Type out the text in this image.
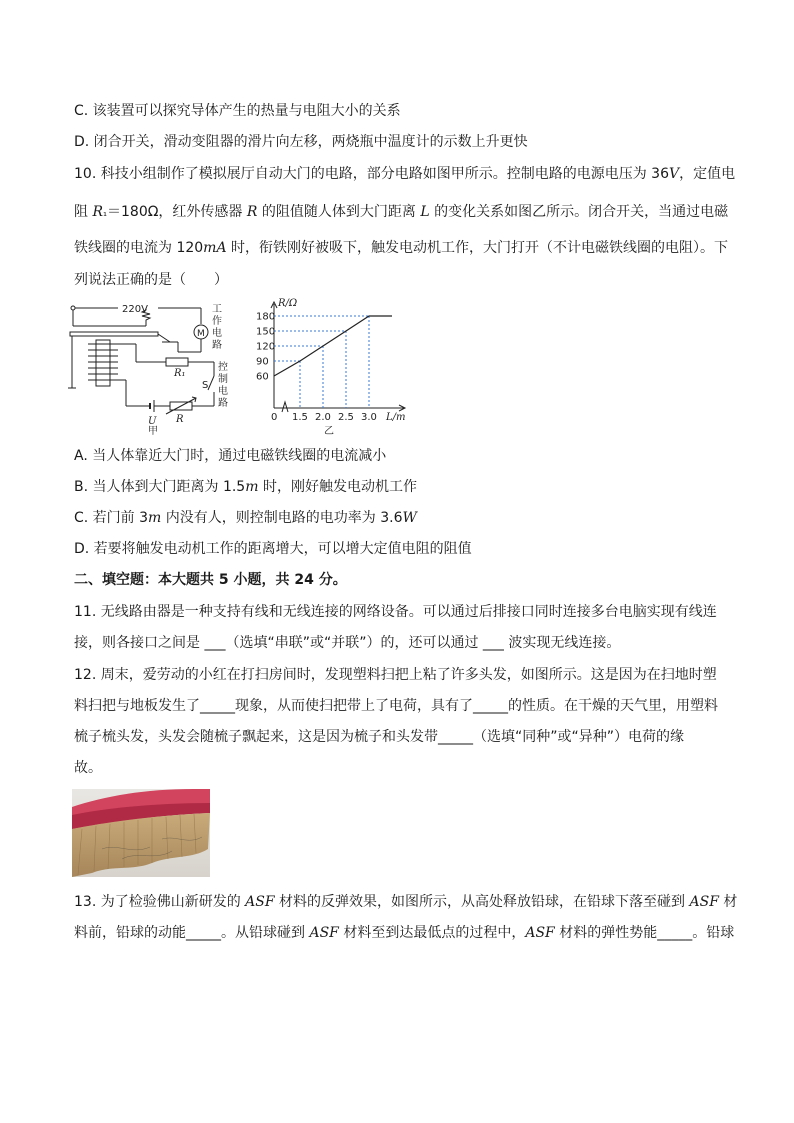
C. 该装置可以探究导体产生的热量与电阻大小的关系
D. 闭合开关，滑动变阻器的滑片向左移，两烧瓶中温度计的示数上升更快
10. 科技小组制作了模拟展厅自动大门的电路，部分电路如图甲所示。控制电路的电源电压为 36V，定值电
阻 R₁＝180Ω，红外传感器 R 的阻值随人体到大门距离 L 的变化关系如图乙所示。闭合开关，当通过电磁
铁线圈的电流为 120mA 时，衔铁刚好被吸下，触发电动机工作，大门打开（不计电磁铁线圈的电阻）。下
列说法正确的是（　　）
220V
M
工
作
电
路
控
制
电
路
R₁
S
U R
甲
60
90
120
150
180
0 1.5 2.0 2.5 3.0
R/Ω
L/m
乙
A. 当人体靠近大门时，通过电磁铁线圈的电流减小
B. 当人体到大门距离为 1.5m 时，刚好触发电动机工作
C. 若门前 3m 内没有人，则控制电路的电功率为 3.6W
D. 若要将触发电动机工作的距离增大，可以增大定值电阻的阻值
二、填空题：本大题共 5 小题，共 24 分。
11. 无线路由器是一种支持有线和无线连接的网络设备。可以通过后排接口同时连接多台电脑实现有线连
接，则各接口之间是 ___（选填“串联”或“并联”）的，还可以通过 ___ 波实现无线连接。
12. 周末，爱劳动的小红在打扫房间时，发现塑料扫把上粘了许多头发，如图所示。这是因为在扫地时塑
料扫把与地板发生了_____现象，从而使扫把带上了电荷，具有了_____的性质。在干燥的天气里，用塑料
梳子梳头发，头发会随梳子飘起来，这是因为梳子和头发带_____（选填“同种”或“异种”）电荷的缘
故。
13. 为了检验佛山新研发的 ASF 材料的反弹效果，如图所示，从高处释放铅球，在铅球下落至碰到 ASF 材
料前，铅球的动能_____。从铅球碰到 ASF 材料至到达最低点的过程中，ASF 材料的弹性势能_____。铅球
